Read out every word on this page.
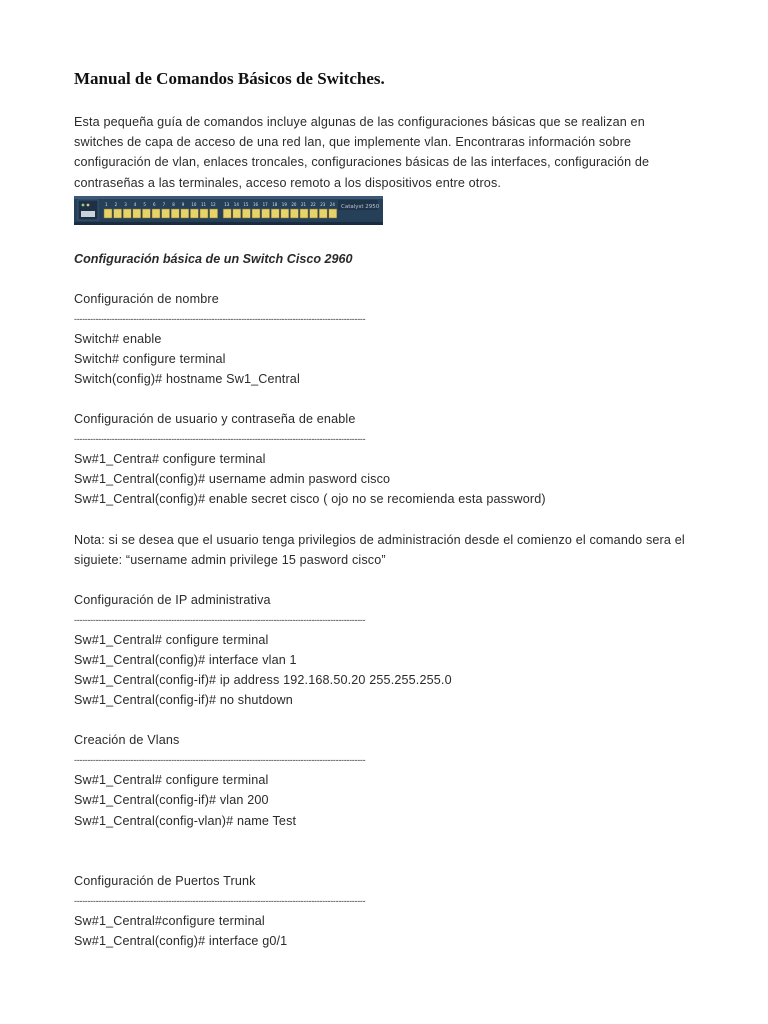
Manual de Comandos Básicos de Switches.

Esta pequeña guía de comandos incluye algunas de las configuraciones básicas que se realizan en switches de capa de acceso de una red lan, que implemente vlan. Encontraras información sobre configuración de vlan, enlaces troncales, configuraciones básicas de las interfaces, configuración de contraseñas a las terminales, acceso remoto a los dispositivos entre otros.

1 2 3 4 5 6 7 8 9 10 11 12 13 14 15 16 17 18 19 20 21 22 23 24 Catalyst 2950
Configuración básica de un Switch Cisco 2960
Configuración de nombre
------------------------------------------------------------------------------------------------------------
Switch# enable
Switch# configure terminal
Switch(config)# hostname Sw1_Central
Configuración de usuario y contraseña de enable
------------------------------------------------------------------------------------------------------------
Sw#1_Centra# configure terminal
Sw#1_Central(config)# username admin pasword cisco
Sw#1_Central(config)# enable secret cisco ( ojo no se recomienda esta password)
Nota: si se desea que el usuario tenga privilegios de administración desde el comienzo el comando sera el siguiete: “username admin privilege 15 pasword cisco”
Configuración de IP administrativa
------------------------------------------------------------------------------------------------------------
Sw#1_Central# configure terminal
Sw#1_Central(config)# interface vlan 1
Sw#1_Central(config-if)# ip address 192.168.50.20 255.255.255.0
Sw#1_Central(config-if)# no shutdown
Creación de Vlans
------------------------------------------------------------------------------------------------------------
Sw#1_Central# configure terminal
Sw#1_Central(config-if)# vlan 200
Sw#1_Central(config-vlan)# name Test
Configuración de Puertos Trunk
------------------------------------------------------------------------------------------------------------
Sw#1_Central#configure terminal
Sw#1_Central(config)# interface g0/1
